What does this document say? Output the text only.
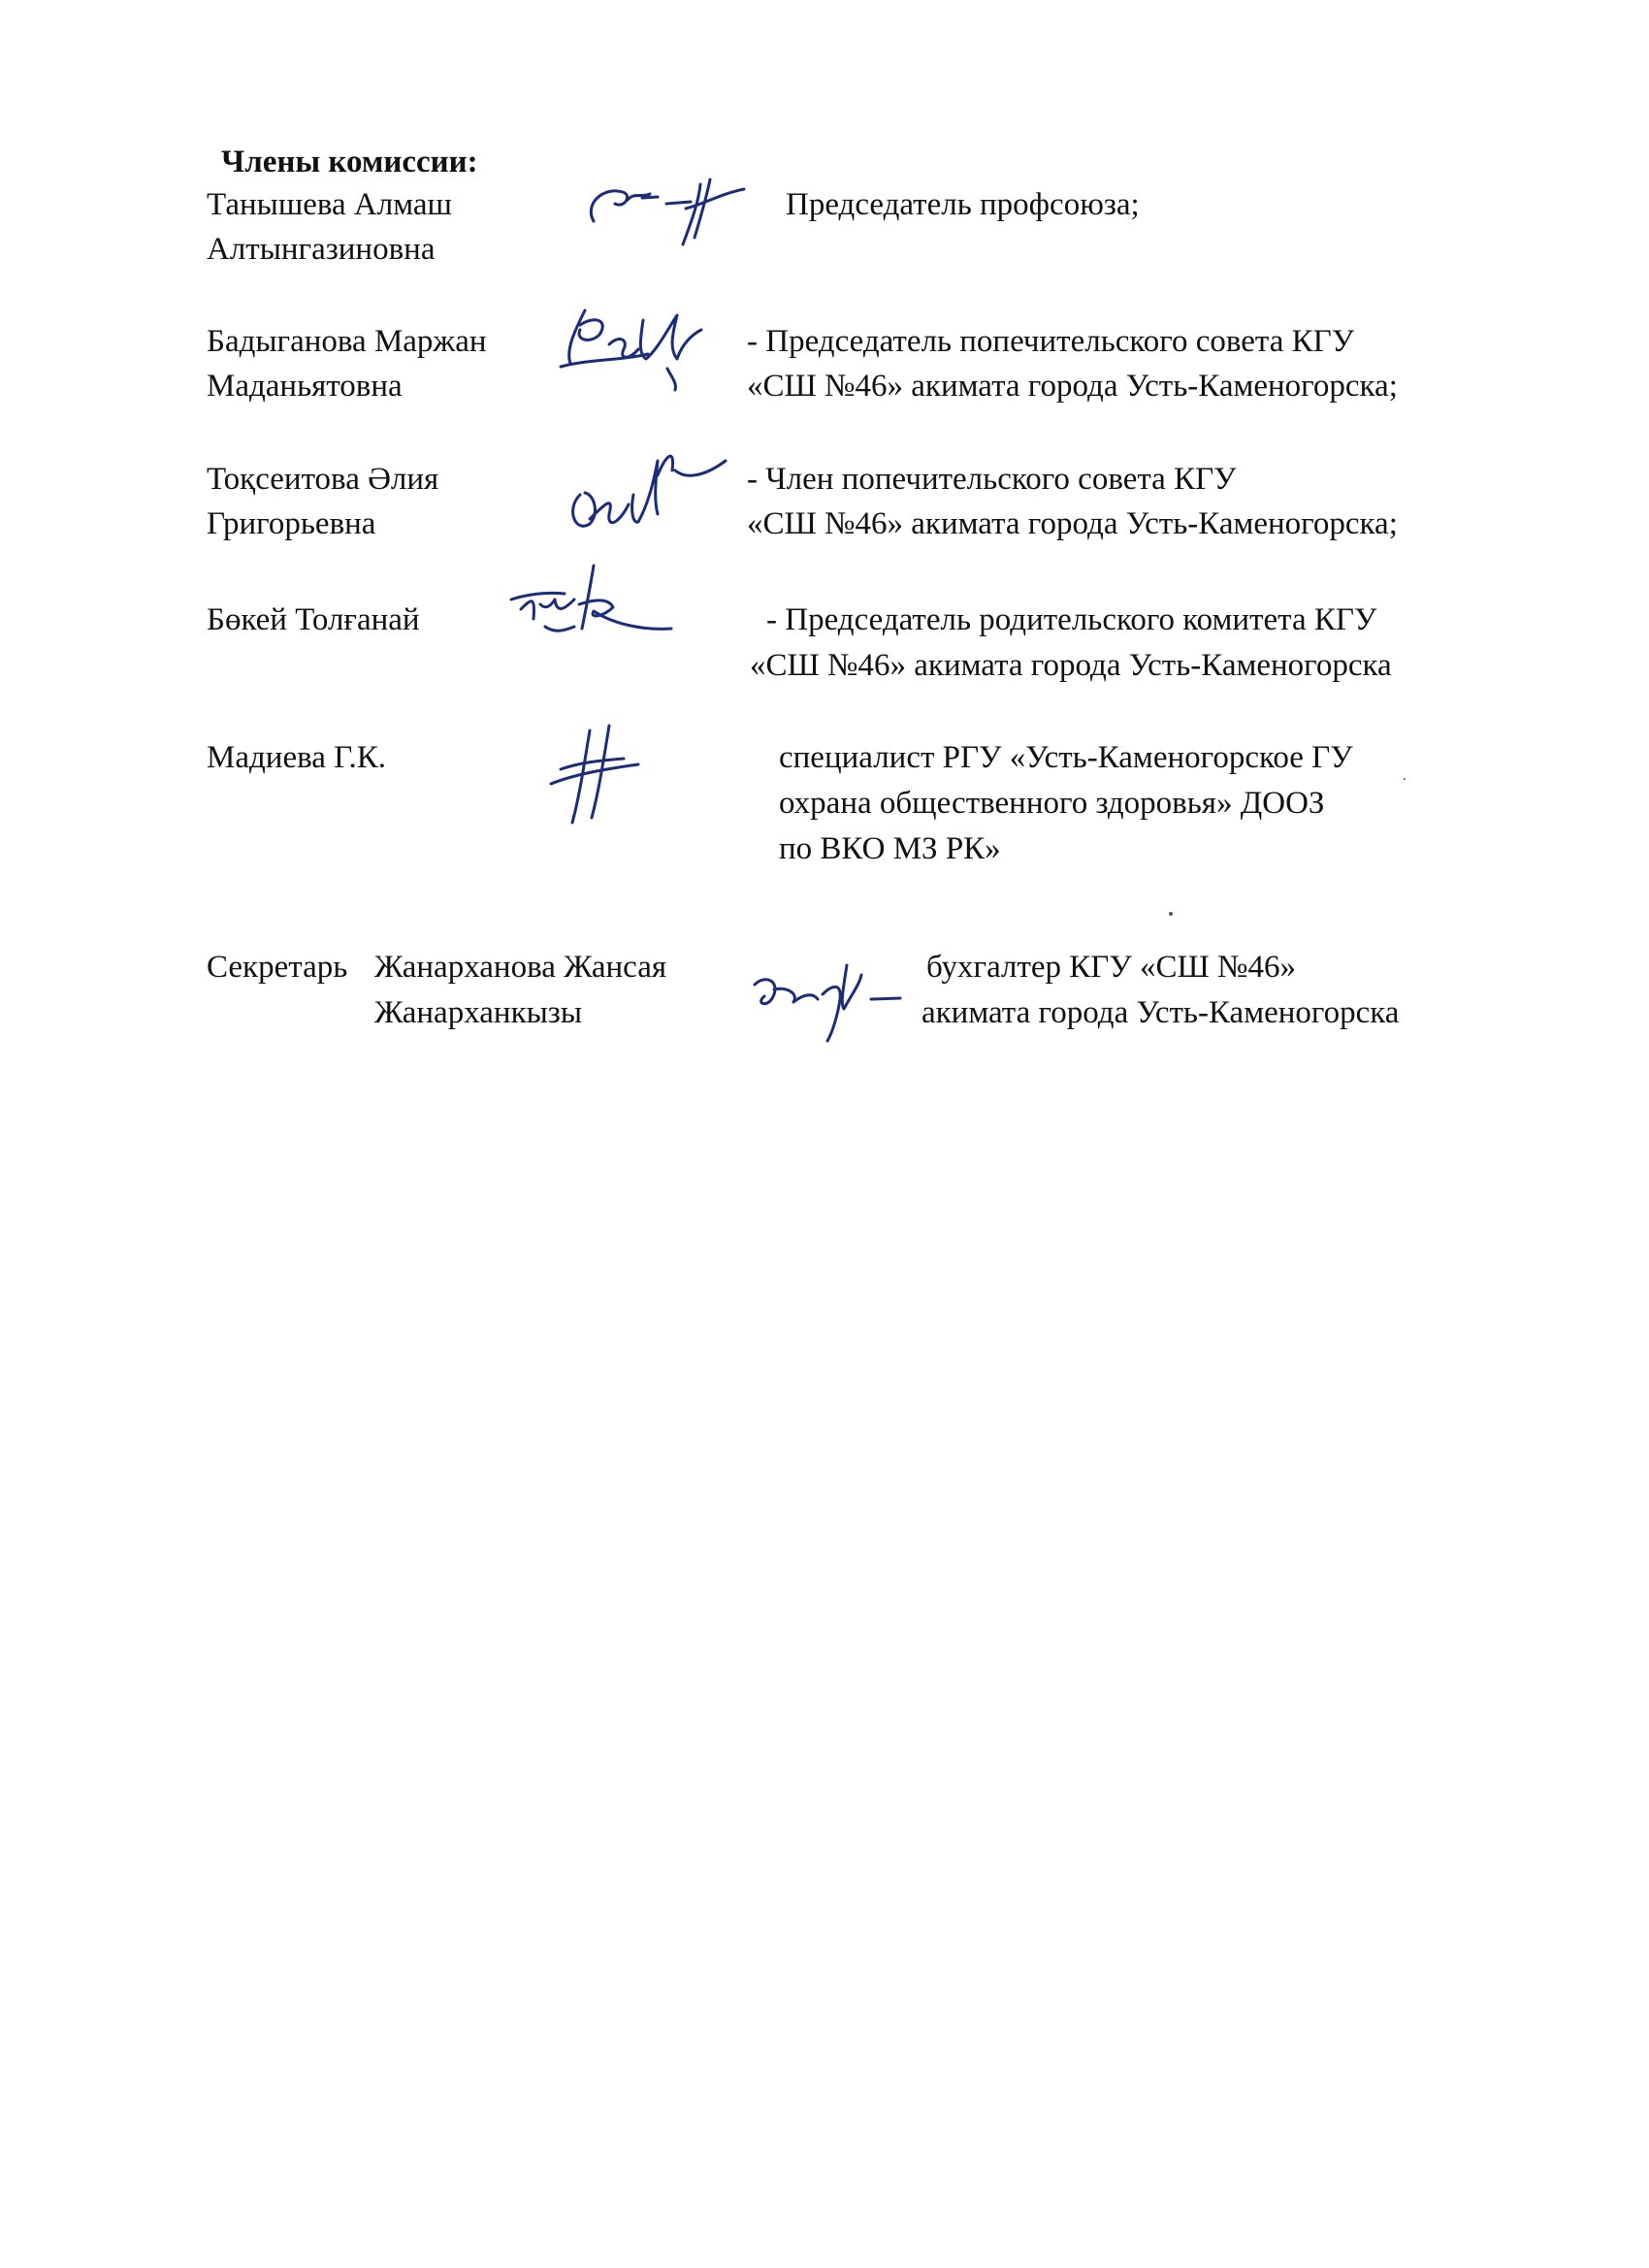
Члены комиссии:
Танышева Алмаш
Алтынгазиновна
Председатель профсоюза;
Бадыганова Маржан
Маданьятовна
- Председатель попечительского совета КГУ
«СШ №46» акимата города Усть-Каменогорска;
Тоқсеитова Әлия
Григорьевна
- Член попечительского совета КГУ
«СШ №46» акимата города Усть-Каменогорска;
Бөкей Толғанай	- Председатель родительского комитета КГУ
«СШ №46» акимата города Усть-Каменогорска
Мадиева Г.К.	специалист РГУ «Усть-Каменогорское ГУ
охрана общественного здоровья» ДООЗ
по ВКО МЗ РК»
Секретарь Жанарханова Жансая
Жанарханкызы
бухгалтер КГУ «СШ №46»
акимата города Усть-Каменогорска
